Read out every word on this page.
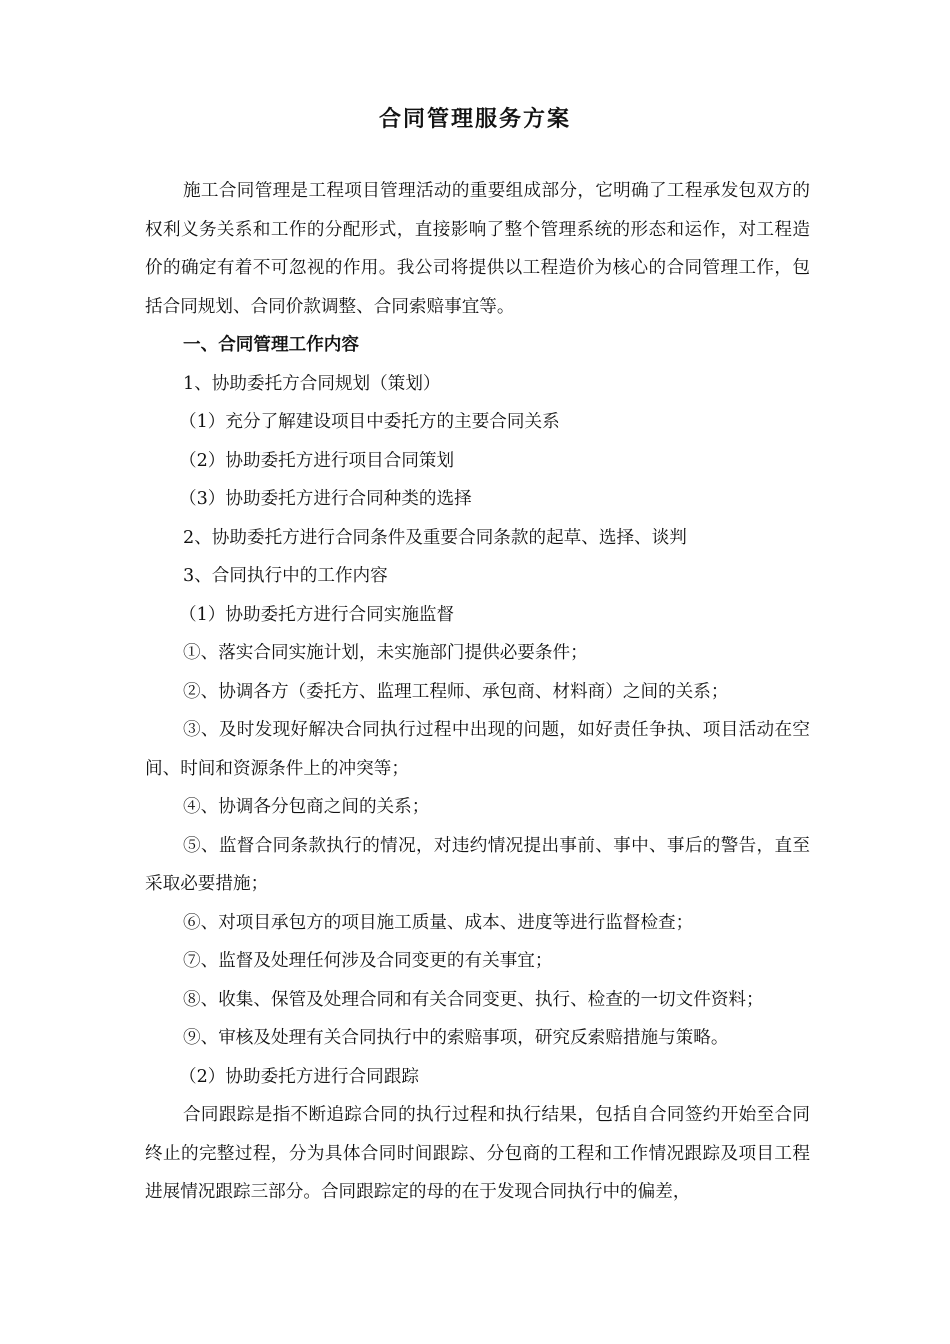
合同管理服务方案

施工合同管理是工程项目管理活动的重要组成部分，它明确了工程承发包双方的权利义务关系和工作的分配形式，直接影响了整个管理系统的形态和运作，对工程造价的确定有着不可忽视的作用。我公司将提供以工程造价为核心的合同管理工作，包括合同规划、合同价款调整、合同索赔事宜等。

一、合同管理工作内容

1、协助委托方合同规划（策划）

（1）充分了解建设项目中委托方的主要合同关系

（2）协助委托方进行项目合同策划

（3）协助委托方进行合同种类的选择

2、协助委托方进行合同条件及重要合同条款的起草、选择、谈判

3、合同执行中的工作内容

（1）协助委托方进行合同实施监督

①、落实合同实施计划，未实施部门提供必要条件；

②、协调各方（委托方、监理工程师、承包商、材料商）之间的关系；

③、及时发现好解决合同执行过程中出现的问题，如好责任争执、项目活动在空间、时间和资源条件上的冲突等；

④、协调各分包商之间的关系；

⑤、监督合同条款执行的情况，对违约情况提出事前、事中、事后的警告，直至采取必要措施；

⑥、对项目承包方的项目施工质量、成本、进度等进行监督检查；

⑦、监督及处理任何涉及合同变更的有关事宜；

⑧、收集、保管及处理合同和有关合同变更、执行、检查的一切文件资料；

⑨、审核及处理有关合同执行中的索赔事项，研究反索赔措施与策略。

（2）协助委托方进行合同跟踪

合同跟踪是指不断追踪合同的执行过程和执行结果，包括自合同签约开始至合同终止的完整过程，分为具体合同时间跟踪、分包商的工程和工作情况跟踪及项目工程进展情况跟踪三部分。合同跟踪定的母的在于发现合同执行中的偏差，
